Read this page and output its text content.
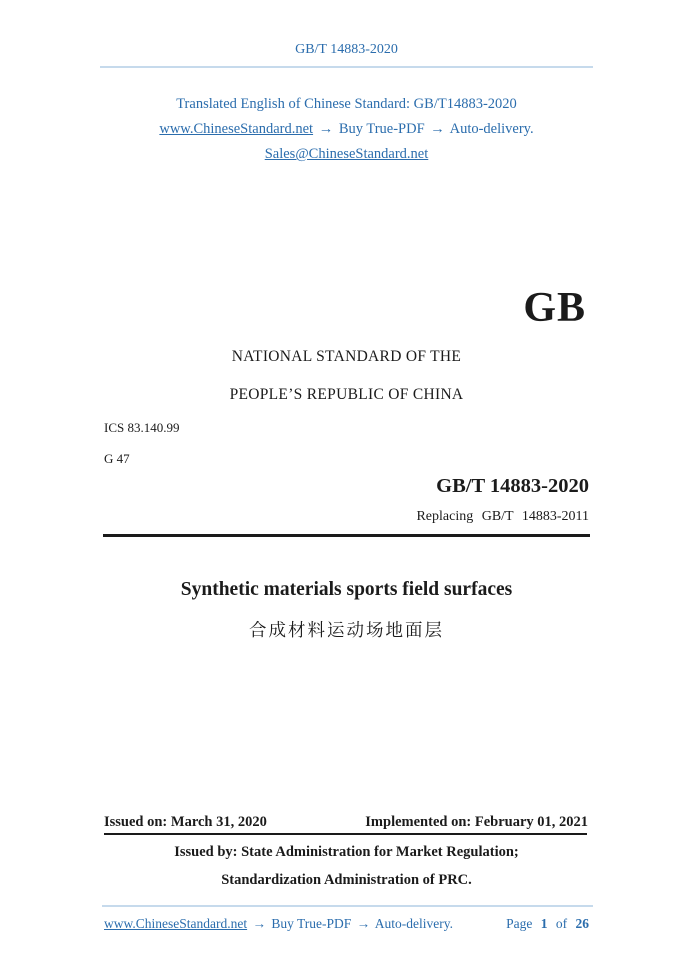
GB/T 14883-2020
Translated English of Chinese Standard: GB/T14883-2020
www.ChineseStandard.net → Buy True-PDF → Auto-delivery.
Sales@ChineseStandard.net
GB
NATIONAL STANDARD OF THE
PEOPLE’S REPUBLIC OF CHINA
ICS 83.140.99
G 47
GB/T 14883-2020
Replacing GB/T 14883-2011
Synthetic materials sports field surfaces
合成材料运动场地面层
Issued on: March 31, 2020	Implemented on: February 01, 2021
Issued by: State Administration for Market Regulation;
Standardization Administration of PRC.
www.ChineseStandard.net → Buy True-PDF → Auto-delivery.	Page 1 of 26
